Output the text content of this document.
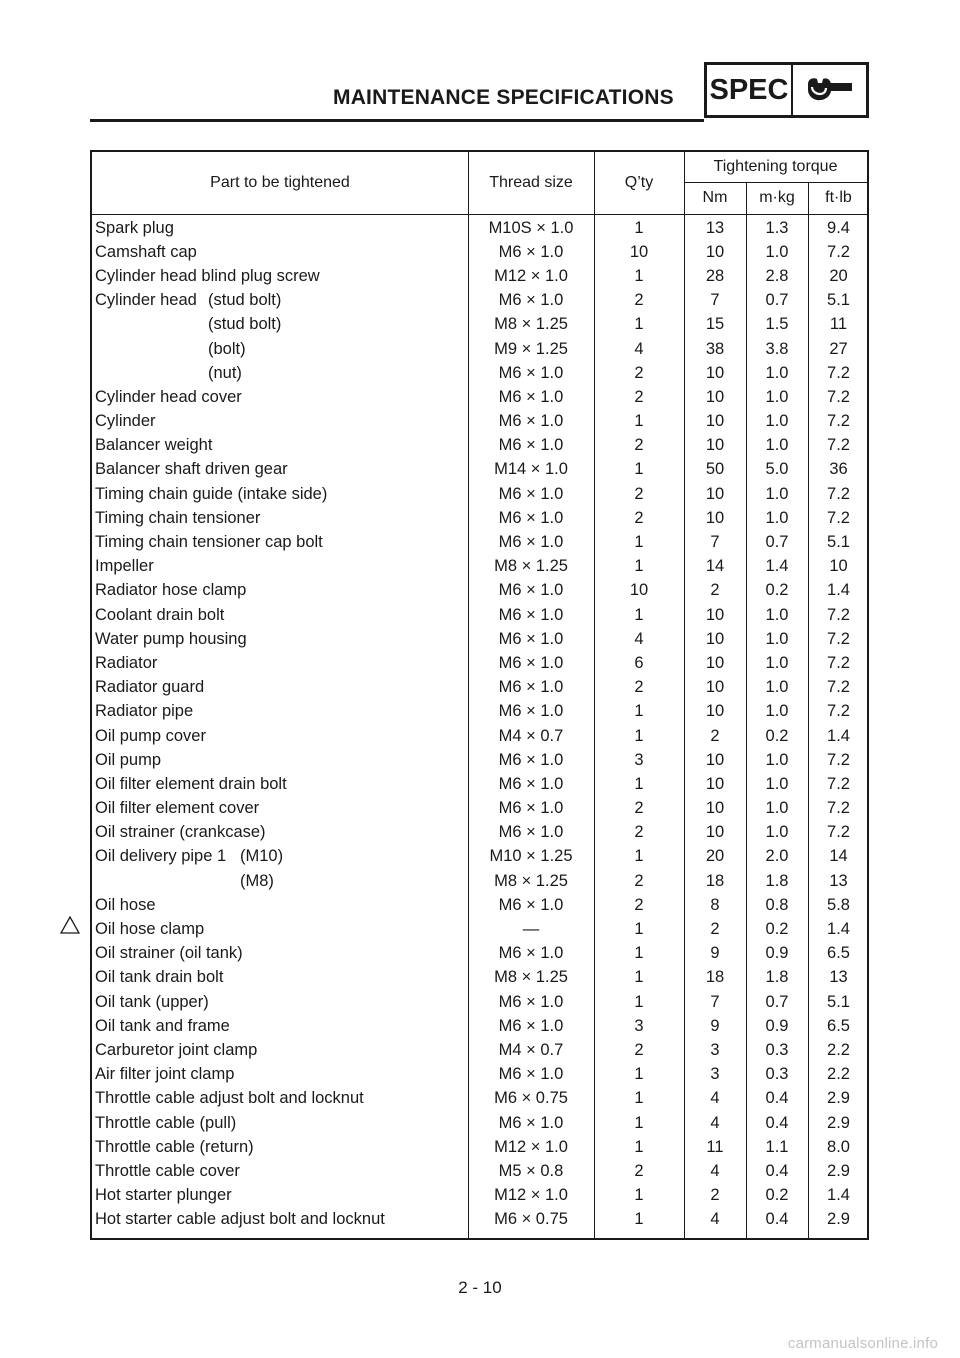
MAINTENANCE SPECIFICATIONS SPEC
Part to be tightened	Thread size	Q’ty
Tightening torque
Nm	m·kg	ft·lb
Spark plug	M10S × 1.0	1	13	1.3	9.4
Camshaft cap	M6 × 1.0	10	10	1.0	7.2
Cylinder head blind plug screw	M12 × 1.0	1	28	2.8	20
Cylinder head (stud bolt)	M6 × 1.0	2	7	0.7	5.1
(stud bolt)	M8 × 1.25	1	15	1.5	11
(bolt)	M9 × 1.25	4	38	3.8	27
(nut)	M6 × 1.0	2	10	1.0	7.2
Cylinder head cover	M6 × 1.0	2	10	1.0	7.2
Cylinder	M6 × 1.0	1	10	1.0	7.2
Balancer weight	M6 × 1.0	2	10	1.0	7.2
Balancer shaft driven gear	M14 × 1.0	1	50	5.0	36
Timing chain guide (intake side)	M6 × 1.0	2	10	1.0	7.2
Timing chain tensioner	M6 × 1.0	2	10	1.0	7.2
Timing chain tensioner cap bolt	M6 × 1.0	1	7	0.7	5.1
Impeller	M8 × 1.25	1	14	1.4	10
Radiator hose clamp	M6 × 1.0	10	2	0.2	1.4
Coolant drain bolt	M6 × 1.0	1	10	1.0	7.2
Water pump housing	M6 × 1.0	4	10	1.0	7.2
Radiator	M6 × 1.0	6	10	1.0	7.2
Radiator guard	M6 × 1.0	2	10	1.0	7.2
Radiator pipe	M6 × 1.0	1	10	1.0	7.2
Oil pump cover	M4 × 0.7	1	2	0.2	1.4
Oil pump	M6 × 1.0	3	10	1.0	7.2
Oil filter element drain bolt	M6 × 1.0	1	10	1.0	7.2
Oil filter element cover	M6 × 1.0	2	10	1.0	7.2
Oil strainer (crankcase)	M6 × 1.0	2	10	1.0	7.2
Oil delivery pipe 1 (M10)	M10 × 1.25	1	20	2.0	14
(M8)	M8 × 1.25	2	18	1.8	13
Oil hose	M6 × 1.0	2	8	0.8	5.8
Oil hose clamp	—	1	2	0.2	1.4
Oil strainer (oil tank)	M6 × 1.0	1	9	0.9	6.5
Oil tank drain bolt	M8 × 1.25	1	18	1.8	13
Oil tank (upper)	M6 × 1.0	1	7	0.7	5.1
Oil tank and frame	M6 × 1.0	3	9	0.9	6.5
Carburetor joint clamp	M4 × 0.7	2	3	0.3	2.2
Air filter joint clamp	M6 × 1.0	1	3	0.3	2.2
Throttle cable adjust bolt and locknut	M6 × 0.75	1	4	0.4	2.9
Throttle cable (pull)	M6 × 1.0	1	4	0.4	2.9
Throttle cable (return)	M12 × 1.0	1	11	1.1	8.0
Throttle cable cover	M5 × 0.8	2	4	0.4	2.9
Hot starter plunger	M12 × 1.0	1	2	0.2	1.4
Hot starter cable adjust bolt and locknut	M6 × 0.75	1	4	0.4	2.9
2 - 10
carmanualsonline.info
